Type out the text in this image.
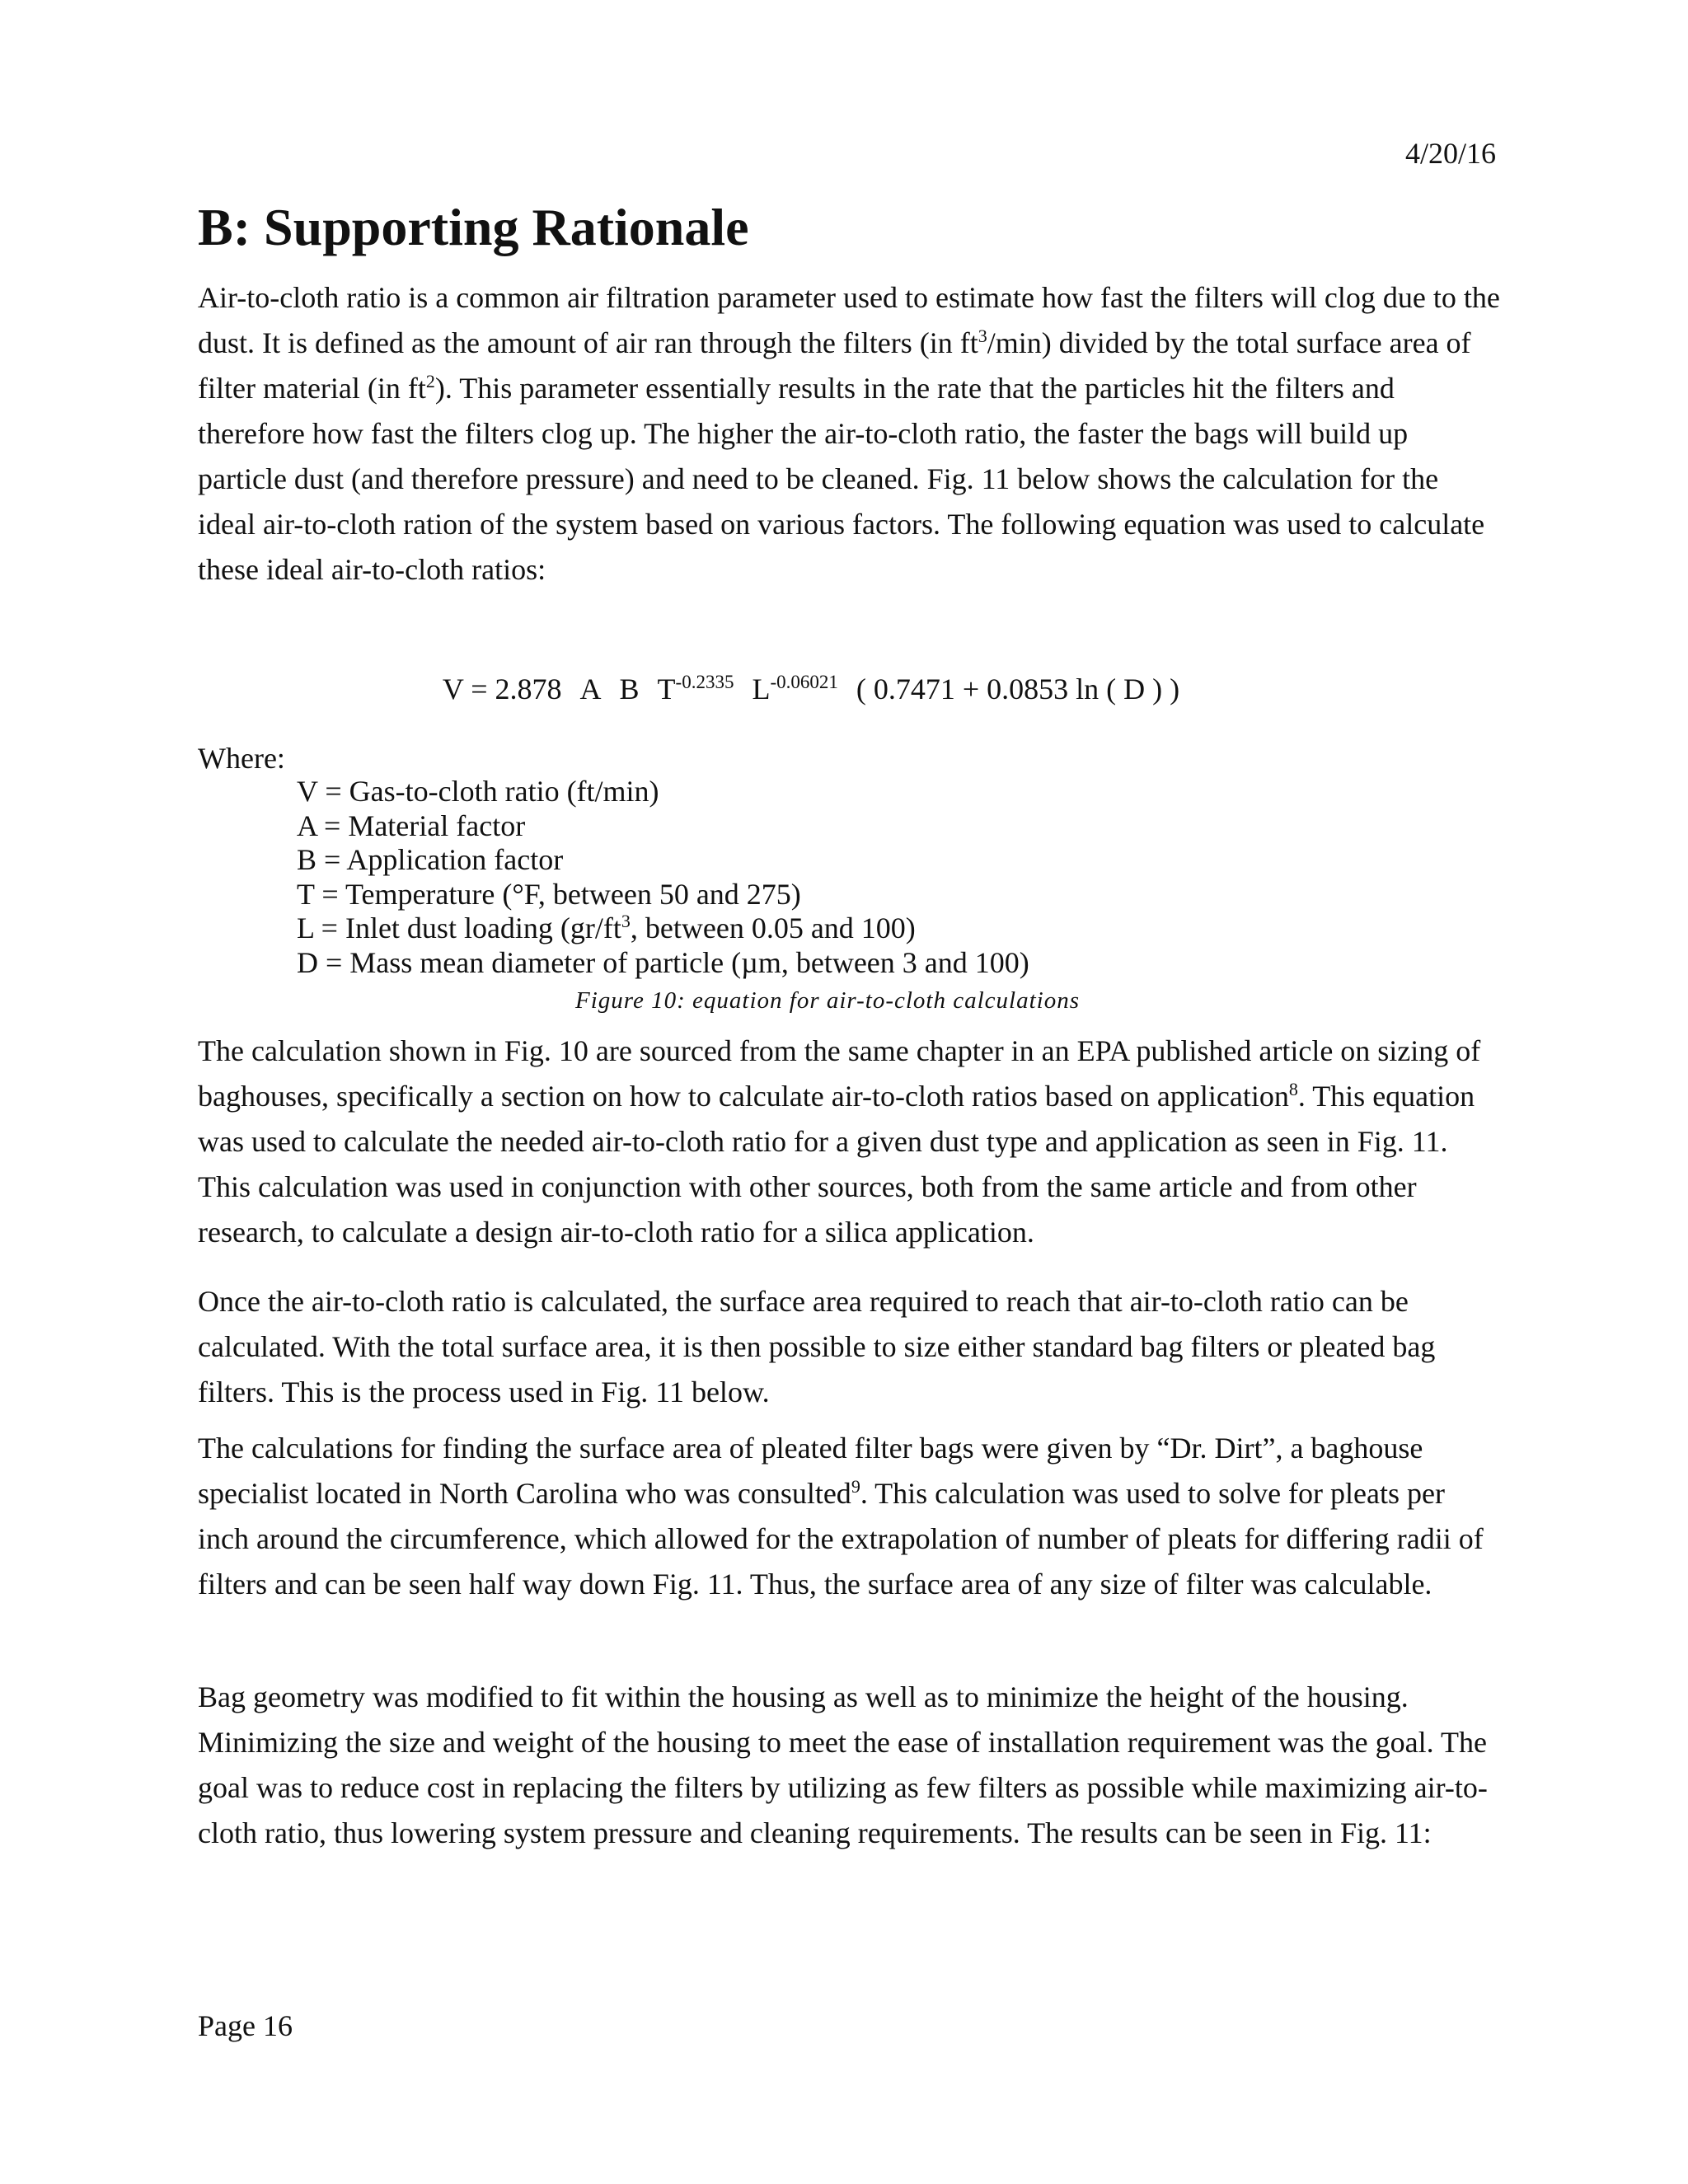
4/20/16
B: Supporting Rationale

Air-to-cloth ratio is a common air filtration parameter used to estimate how fast the filters will clog due to the dust. It is defined as the amount of air ran through the filters (in $ft^3/\min$) divided by the total surface area of filter material (in $ft^2$). This parameter essentially results in the rate that the particles hit the filters and therefore how fast the filters clog up. The higher the air-to-cloth ratio, the faster the bags will build up particle dust (and therefore pressure) and need to be cleaned. Fig. 11 below shows the calculation for the ideal air-to-cloth ration of the system based on various factors. The following equation was used to calculate these ideal air-to-cloth ratios:

V = 2.878 A B $T^{-0.2335}$ $L^{-0.06021}$ ( 0.7471 + 0.0853 ln ( D ) )

Where:

V = Gas-to-cloth ratio (ft/min)
A = Material factor
B = Application factor
T = Temperature (°F, between 50 and 275)
L = Inlet dust loading ($gr/ft^3$, between 0.05 and 100)
D = Mass mean diameter of particle (µm, between 3 and 100)
Figure 10: equation for air-to-cloth calculations

The calculation shown in Fig. 10 are sourced from the same chapter in an EPA published article on sizing of baghouses, specifically a section on how to calculate air-to-cloth ratios based on application$^8$. This equation was used to calculate the needed air-to-cloth ratio for a given dust type and application as seen in Fig. 11. This calculation was used in conjunction with other sources, both from the same article and from other research, to calculate a design air-to-cloth ratio for a silica application.

Once the air-to-cloth ratio is calculated, the surface area required to reach that air-to-cloth ratio can be calculated. With the total surface area, it is then possible to size either standard bag filters or pleated bag filters. This is the process used in Fig. 11 below.

The calculations for finding the surface area of pleated filter bags were given by “Dr. Dirt”, a baghouse specialist located in North Carolina who was consulted$^9$. This calculation was used to solve for pleats per inch around the circumference, which allowed for the extrapolation of number of pleats for differing radii of filters and can be seen half way down Fig. 11. Thus, the surface area of any size of filter was calculable.

Bag geometry was modified to fit within the housing as well as to minimize the height of the housing. Minimizing the size and weight of the housing to meet the ease of installation requirement was the goal. The goal was to reduce cost in replacing the filters by utilizing as few filters as possible while maximizing air-to-cloth ratio, thus lowering system pressure and cleaning requirements. The results can be seen in Fig. 11:

Page 16
